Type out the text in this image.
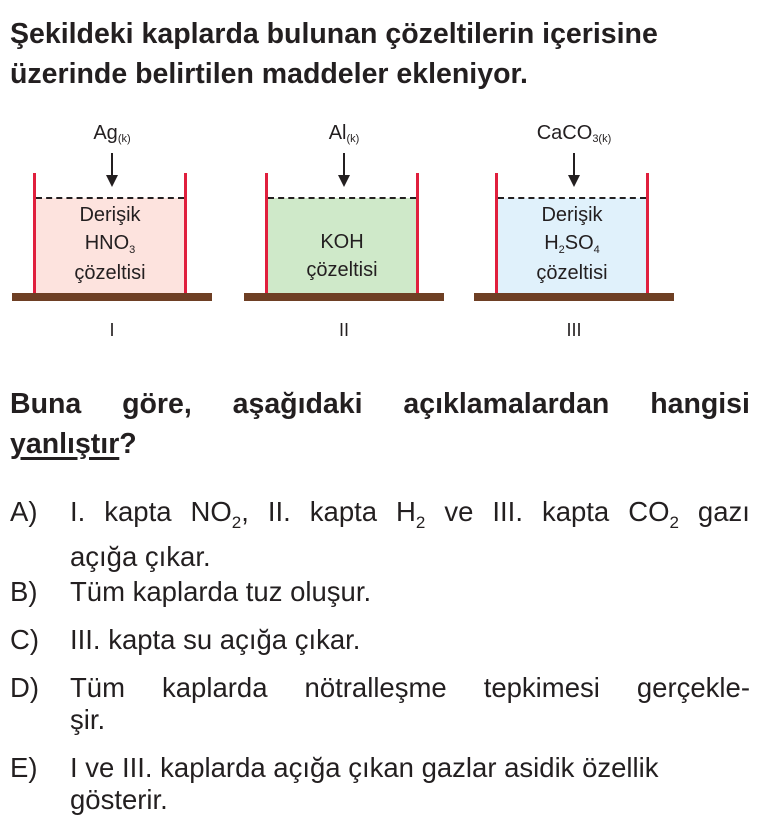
Şekildeki kaplarda bulunan çözeltilerin içerisine
üzerinde belirtilen maddeler ekleniyor.
$Ag_{(k)}$
Derişik
$HNO_3$
çözeltisi
I
$Al_{(k)}$
KOH
çözeltisi
II
CaCO$_{3(k)}$
Derişik
$H_2SO_4$
çözeltisi
III
Buna göre, aşağıdaki açıklamalardan hangisi
yanlıştır?
A) I. kapta $NO_2$, II. kapta $H_2$ ve III. kapta $CO_2$ gazı
açığa çıkar.
B) Tüm kaplarda tuz oluşur.
C) III. kapta su açığa çıkar.
D) Tüm kaplarda nötralleşme tepkimesi gerçekle-
şir.
E) I ve III. kaplarda açığa çıkan gazlar asidik özellik
gösterir.
